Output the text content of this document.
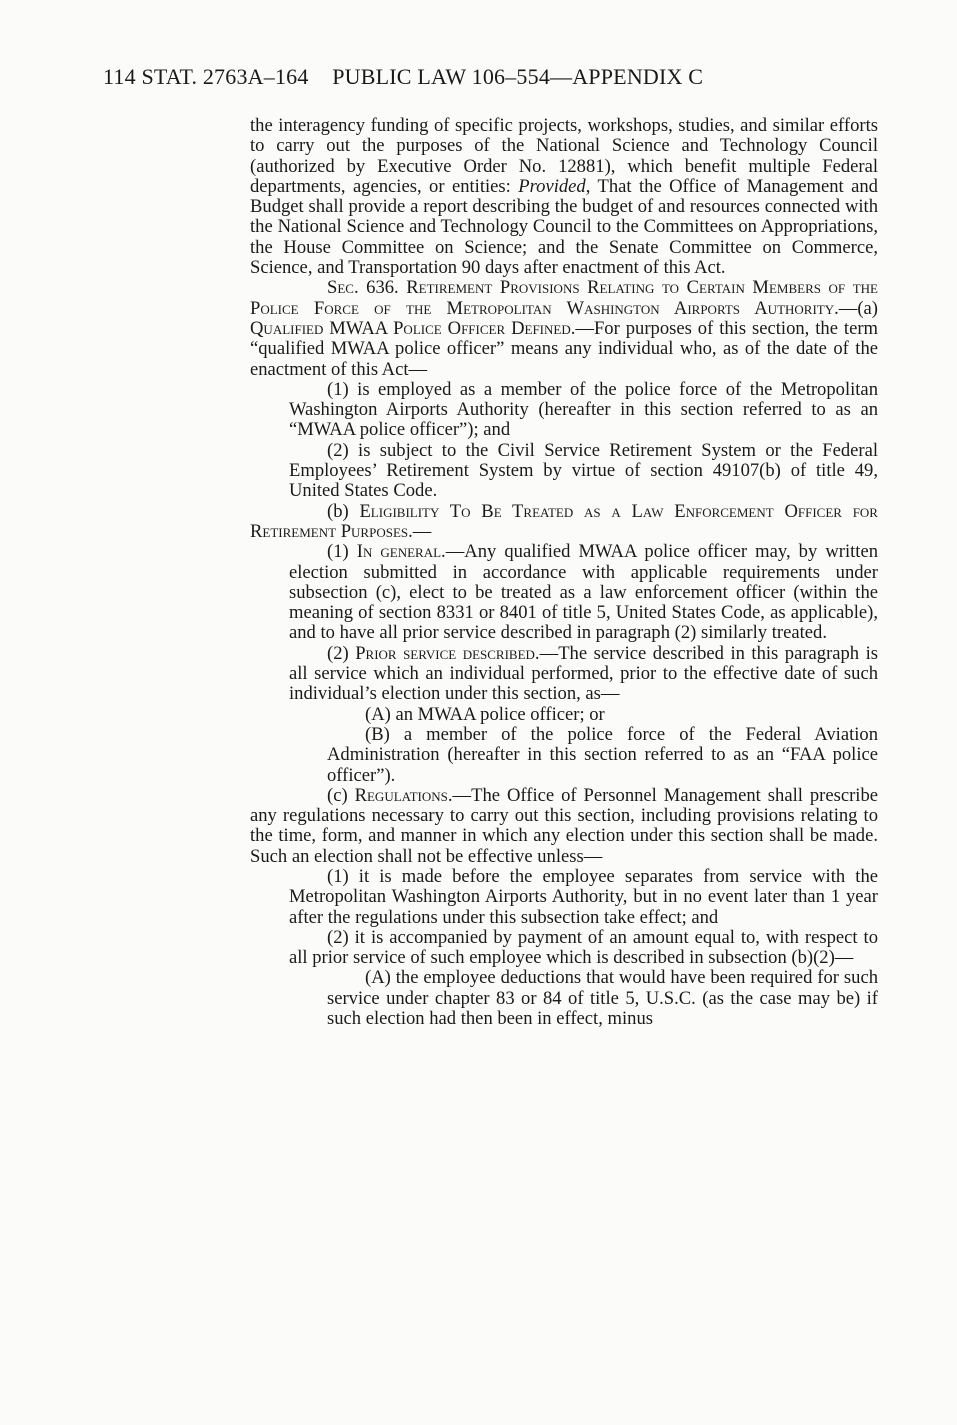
114 STAT. 2763A–164 PUBLIC LAW 106–554—APPENDIX C

the interagency funding of specific projects, workshops, studies, and similar efforts to carry out the purposes of the National Science and Technology Council (authorized by Executive Order No. 12881), which benefit multiple Federal departments, agencies, or entities: Provided, That the Office of Management and Budget shall provide a report describing the budget of and resources connected with the National Science and Technology Council to the Committees on Appropriations, the House Committee on Science; and the Senate Committee on Commerce, Science, and Transportation 90 days after enactment of this Act.

Sec. 636. Retirement Provisions Relating to Certain Members of the Police Force of the Metropolitan Washington Airports Authority.—(a) Qualified MWAA Police Officer Defined.—For purposes of this section, the term “qualified MWAA police officer” means any individual who, as of the date of the enactment of this Act—

(1) is employed as a member of the police force of the Metropolitan Washington Airports Authority (hereafter in this section referred to as an “MWAA police officer”); and

(2) is subject to the Civil Service Retirement System or the Federal Employees’ Retirement System by virtue of section 49107(b) of title 49, United States Code.

(b) Eligibility To Be Treated as a Law Enforcement Officer for Retirement Purposes.—

(1) In general.—Any qualified MWAA police officer may, by written election submitted in accordance with applicable requirements under subsection (c), elect to be treated as a law enforcement officer (within the meaning of section 8331 or 8401 of title 5, United States Code, as applicable), and to have all prior service described in paragraph (2) similarly treated.

(2) Prior service described.—The service described in this paragraph is all service which an individual performed, prior to the effective date of such individual’s election under this section, as—

(A) an MWAA police officer; or

(B) a member of the police force of the Federal Aviation Administration (hereafter in this section referred to as an “FAA police officer”).

(c) Regulations.—The Office of Personnel Management shall prescribe any regulations necessary to carry out this section, including provisions relating to the time, form, and manner in which any election under this section shall be made. Such an election shall not be effective unless—

(1) it is made before the employee separates from service with the Metropolitan Washington Airports Authority, but in no event later than 1 year after the regulations under this subsection take effect; and

(2) it is accompanied by payment of an amount equal to, with respect to all prior service of such employee which is described in subsection (b)(2)—

(A) the employee deductions that would have been required for such service under chapter 83 or 84 of title 5, U.S.C. (as the case may be) if such election had then been in effect, minus
